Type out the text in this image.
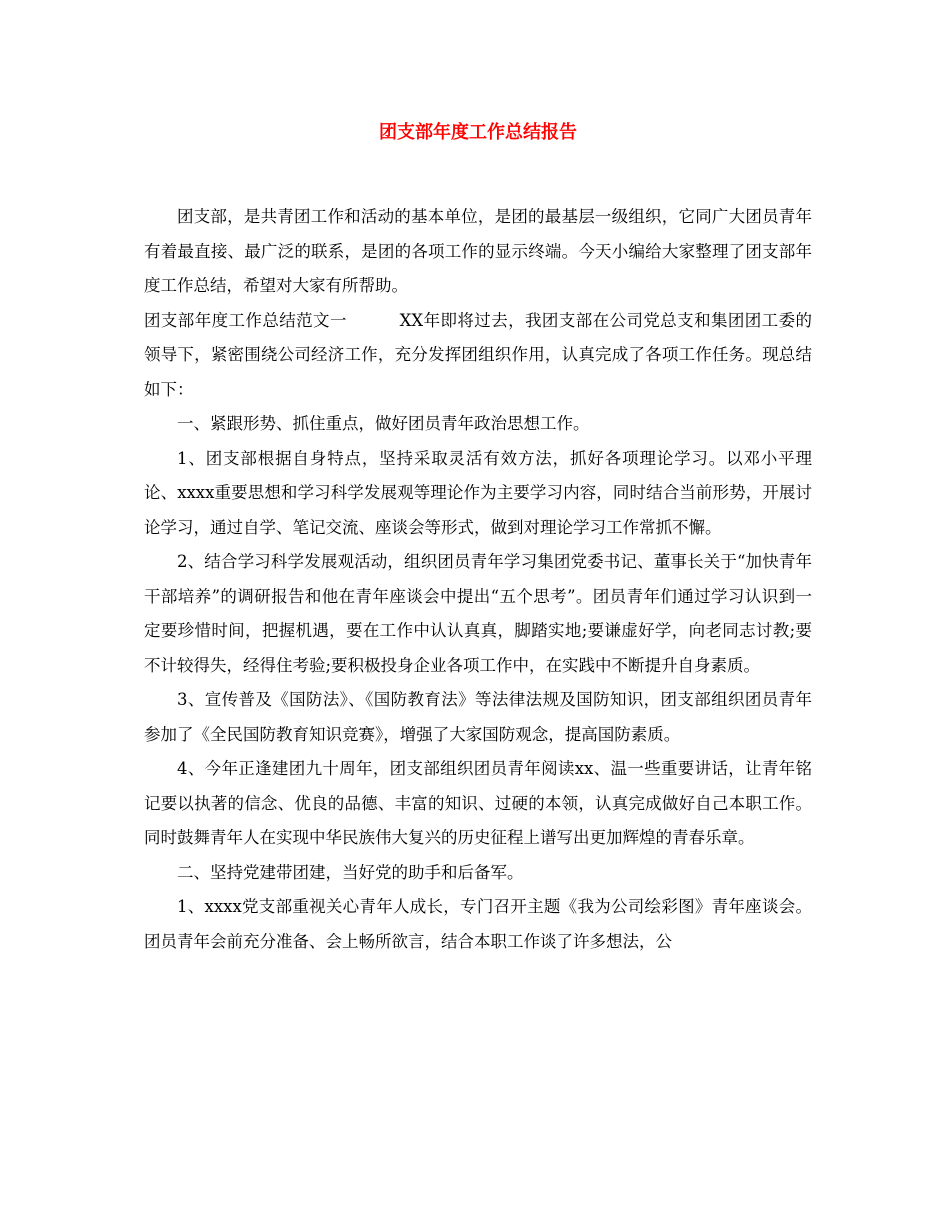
团支部年度工作总结报告

团支部，是共青团工作和活动的基本单位，是团的最基层一级组织，它同广大团员青年有着最直接、最广泛的联系，是团的各项工作的显示终端。今天小编给大家整理了团支部年度工作总结，希望对大家有所帮助。

团支部年度工作总结范文一	XX年即将过去，我团支部在公司党总支和集团团工委的领导下，紧密围绕公司经济工作，充分发挥团组织作用，认真完成了各项工作任务。现总结如下：

一、紧跟形势、抓住重点，做好团员青年政治思想工作。

1、团支部根据自身特点，坚持采取灵活有效方法，抓好各项理论学习。以邓小平理论、xxxx重要思想和学习科学发展观等理论作为主要学习内容，同时结合当前形势，开展讨论学习，通过自学、笔记交流、座谈会等形式，做到对理论学习工作常抓不懈。

2、结合学习科学发展观活动，组织团员青年学习集团党委书记、董事长关于“加快青年干部培养”的调研报告和他在青年座谈会中提出“五个思考”。团员青年们通过学习认识到一定要珍惜时间，把握机遇，要在工作中认认真真，脚踏实地;要谦虚好学，向老同志讨教;要不计较得失，经得住考验;要积极投身企业各项工作中，在实践中不断提升自身素质。

3、宣传普及《国防法》、《国防教育法》等法律法规及国防知识，团支部组织团员青年参加了《全民国防教育知识竞赛》，增强了大家国防观念，提高国防素质。

4、今年正逢建团九十周年，团支部组织团员青年阅读xx、温一些重要讲话，让青年铭记要以执著的信念、优良的品德、丰富的知识、过硬的本领，认真完成做好自己本职工作。同时鼓舞青年人在实现中华民族伟大复兴的历史征程上谱写出更加辉煌的青春乐章。

二、坚持党建带团建，当好党的助手和后备军。

1、xxxx党支部重视关心青年人成长，专门召开主题《我为公司绘彩图》青年座谈会。团员青年会前充分准备、会上畅所欲言，结合本职工作谈了许多想法，公
